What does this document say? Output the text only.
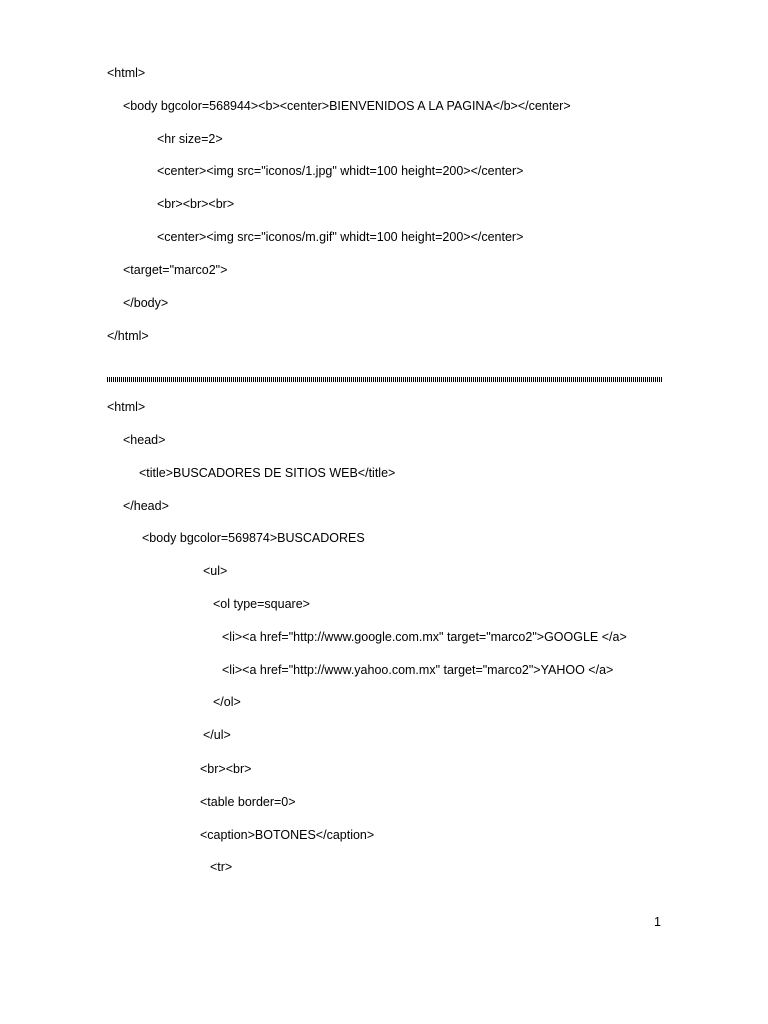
<html>
<body bgcolor=568944><b><center>BIENVENIDOS A LA PAGINA</b></center>
<hr size=2>
<center><img src="iconos/1.jpg" whidt=100 height=200></center>
<br><br><br>
<center><img src="iconos/m.gif" whidt=100 height=200></center>
<target="marco2">
</body>
</html>
<html>
<head>
<title>BUSCADORES DE SITIOS WEB</title>
</head>
<body bgcolor=569874>BUSCADORES
<ul>
<ol type=square>
<li><a href="http://www.google.com.mx" target="marco2">GOOGLE </a>
<li><a href="http://www.yahoo.com.mx" target="marco2">YAHOO </a>
</ol>
</ul>
<br><br>
<table border=0>
<caption>BOTONES</caption>
<tr>
1
